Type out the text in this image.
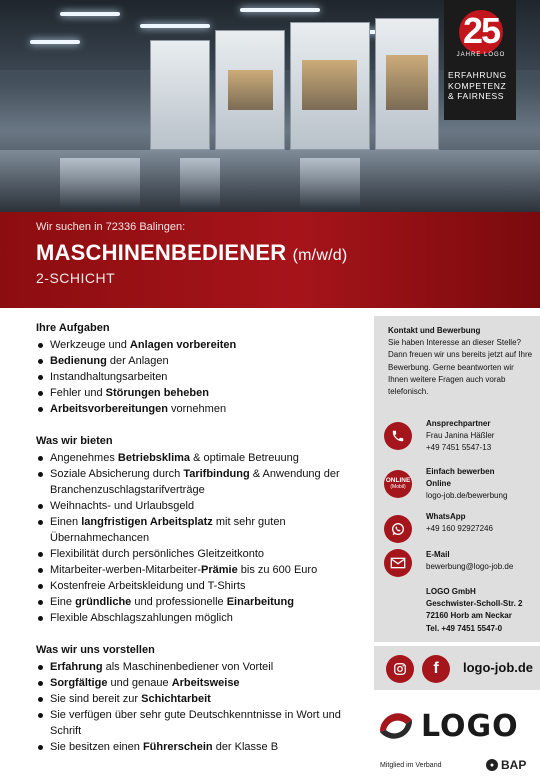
25
JAHRE LOGO
ERFAHRUNG
KOMPETENZ
& FAIRNESS
Wir suchen in 72336 Balingen:
MASCHINENBEDIENER (m/w/d)
2-SCHICHT
Ihre Aufgaben
Werkzeuge und Anlagen vorbereiten
Bedienung der Anlagen
Instandhaltungsarbeiten
Fehler und Störungen beheben
Arbeitsvorbereitungen vornehmen
Was wir bieten
Angenehmes Betriebsklima & optimale Betreuung
Soziale Absicherung durch Tarifbindung & Anwendung der Branchenzuschlagstarifverträge
Weihnachts- und Urlaubsgeld
Einen langfristigen Arbeitsplatz mit sehr guten Übernahmechancen
Flexibilität durch persönliches Gleitzeitkonto
Mitarbeiter-werben-Mitarbeiter-Prämie bis zu 600 Euro
Kostenfreie Arbeitskleidung und T-Shirts
Eine gründliche und professionelle Einarbeitung
Flexible Abschlagszahlungen möglich
Was wir uns vorstellen
Erfahrung als Maschinenbediener von Vorteil
Sorgfältige und genaue Arbeitsweise
Sie sind bereit zur Schichtarbeit
Sie verfügen über sehr gute Deutschkenntnisse in Wort und Schrift
Sie besitzen einen Führerschein der Klasse B
Kontakt und Bewerbung
Sie haben Interesse an dieser Stelle? Dann freuen wir uns bereits jetzt auf Ihre Bewerbung. Gerne beantworten wir Ihnen weitere Fragen auch vorab telefonisch.
Ansprechpartner
Frau Janina Häßler
+49 7451 5547-13
ONLINE
(Mobil)
Einfach bewerben
Online
logo-job.de/bewerbung
WhatsApp
+49 160 92927246
E-Mail
bewerbung@logo-job.de
LOGO GmbH
Geschwister-Scholl-Str. 2
72160 Horb am Neckar
Tel. +49 7451 5547-0
f	logo-job.de
LOGO
Mitglied im Verband	● BAP
